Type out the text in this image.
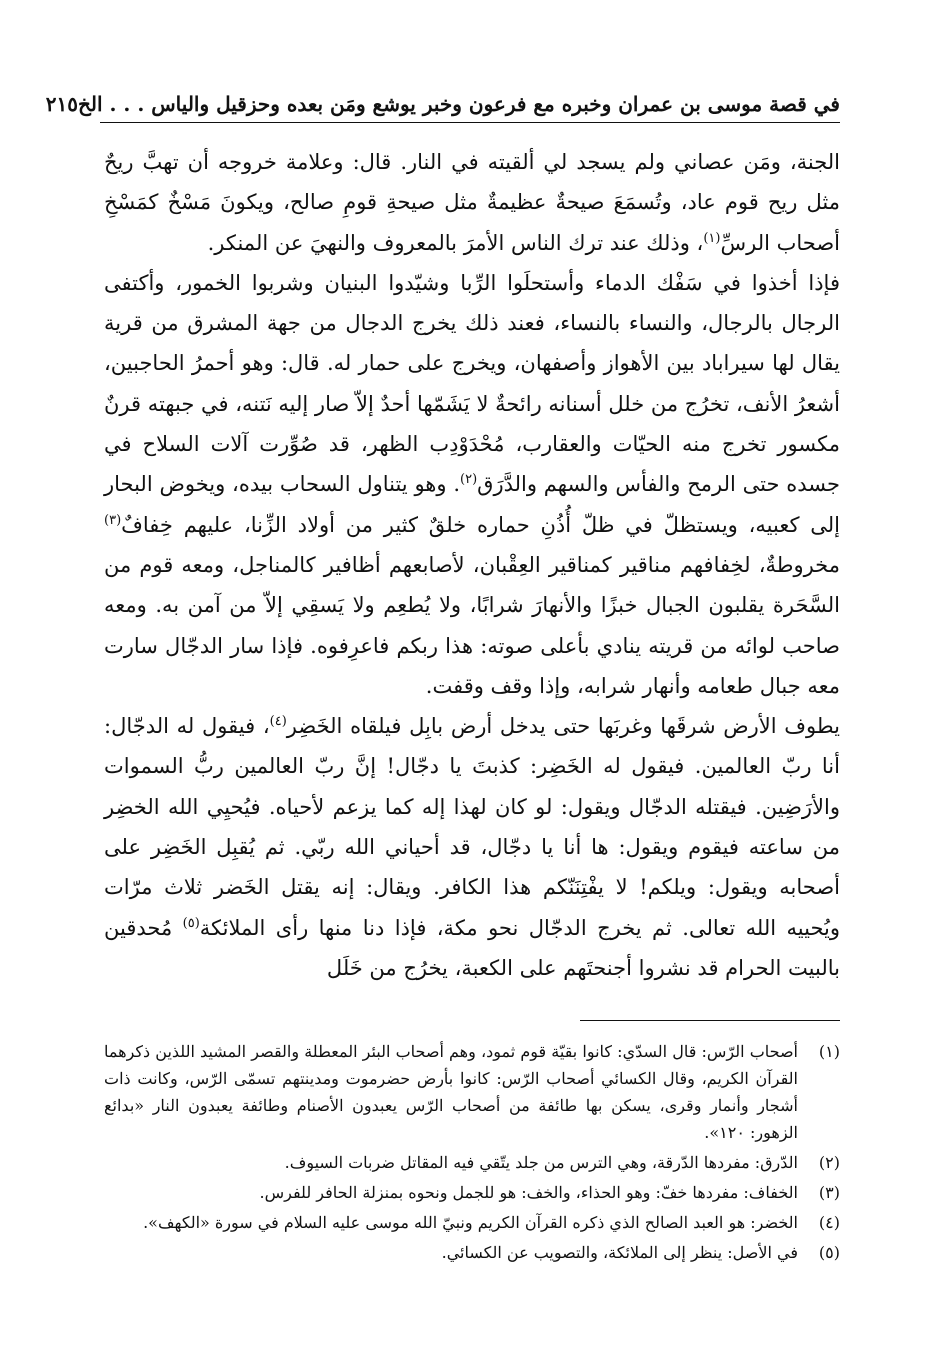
في قصة موسى بن عمران وخبره مع فرعون وخبر يوشع ومَن بعده وحزقيل والياس . . . الخ
٢١٥

الجنة، ومَن عصاني ولم يسجد لي ألقيته في النار. قال: وعلامة خروجه أن تهبَّ ريحٌ مثل ريح قوم عاد، وتُسمَعَ صيحةٌ عظيمةٌ مثل صيحةِ قومِ صالح، ويكونَ مَسْخٌ كمَسْخِ أصحاب الرسِّ$^{(١)}$، وذلك عند ترك الناس الأمرَ بالمعروف والنهيَ عن المنكر.

فإذا أخذوا في سَفْك الدماء وأستحلَوا الرِّبا وشيّدوا البنيان وشربوا الخمور، وأكتفى الرجال بالرجال، والنساء بالنساء، فعند ذلك يخرج الدجال من جهة المشرق من قرية يقال لها سيراباد بين الأهواز وأصفهان، ويخرج على حمار له. قال: وهو أحمرُ الحاجبين، أشعرُ الأنف، تخرُج من خلل أسنانه رائحةٌ لا يَشَمّها أحدٌ إلاّ صار إليه نَتنه، في جبهته قرنٌ مكسور تخرج منه الحيّات والعقارب، مُحْدَوْدِب الظهر، قد صُوِّرت آلات السلاح في جسده حتى الرمح والفأس والسهم والدَّرَق$^{(٢)}$. وهو يتناول السحاب بيده، ويخوض البحار إلى كعبيه، ويستظلّ في ظلّ أُذُنِ حماره خلقٌ كثير من أولاد الزِّنا، عليهم خِفافٌ$^{(٣)}$ مخروطةٌ، لخِفافهم مناقير كمناقير العِقْبان، لأصابعهم أظافير كالمناجل، ومعه قوم من السَّحَرة يقلبون الجبال خبزًا والأنهارَ شرابًا، ولا يُطعِم ولا يَسقِي إلاّ من آمن به. ومعه صاحب لوائه من قريته ينادي بأعلى صوته: هذا ربكم فاعرِفوه. فإذا سار الدجّال سارت معه جبال طعامه وأنهار شرابه، وإذا وقف وقفت.

يطوف الأرض شرقَها وغربَها حتى يدخل أرض بابِل فيلقاه الخَضِر$^{(٤)}$، فيقول له الدجّال: أنا ربّ العالمين. فيقول له الخَضِر: كذبتَ يا دجّال! إنَّ ربّ العالمين ربُّ السموات والأرَضِين. فيقتله الدجّال ويقول: لو كان لهذا إله كما يزعم لأحياه. فيُحيِي الله الخضِر من ساعته فيقوم ويقول: ها أنا يا دجّال، قد أحياني الله ربّي. ثم يُقبِل الخَضِر على أصحابه ويقول: ويلكم! لا يفْتِنَنّكم هذا الكافر. ويقال: إنه يقتل الخَضر ثلاث مرّات ويُحييه الله تعالى. ثم يخرج الدجّال نحو مكة، فإذا دنا منها رأى الملائكة$^{(٥)}$ مُحدقين بالبيت الحرام قد نشروا أجنحتَهم على الكعبة، يخرُج من خَلَل

(١)
أصحاب الرّس: قال السدّي: كانوا بقيّة قوم ثمود، وهم أصحاب البئر المعطلة والقصر المشيد اللذين ذكرهما القرآن الكريم، وقال الكسائي أصحاب الرّس: كانوا بأرض حضرموت ومدينتهم تسمّى الرّس، وكانت ذات أشجار وأنمار وقرى، يسكن بها طائفة من أصحاب الرّس يعبدون الأصنام وطائفة يعبدون النار «بدائع الزهور: ١٢٠».
(٢)
الدّرق: مفردها الدّرقة، وهي الترس من جلد يتّقي فيه المقاتل ضربات السيوف.
(٣)
الخفاف: مفردها خفّ: وهو الحذاء، والخف: هو للجمل ونحوه بمنزلة الحافر للفرس.
(٤)
الخضر: هو العبد الصالح الذي ذكره القرآن الكريم ونبيّ الله موسى عليه السلام في سورة «الكهف».
(٥)
في الأصل: ينظر إلى الملائكة، والتصويب عن الكسائي.
